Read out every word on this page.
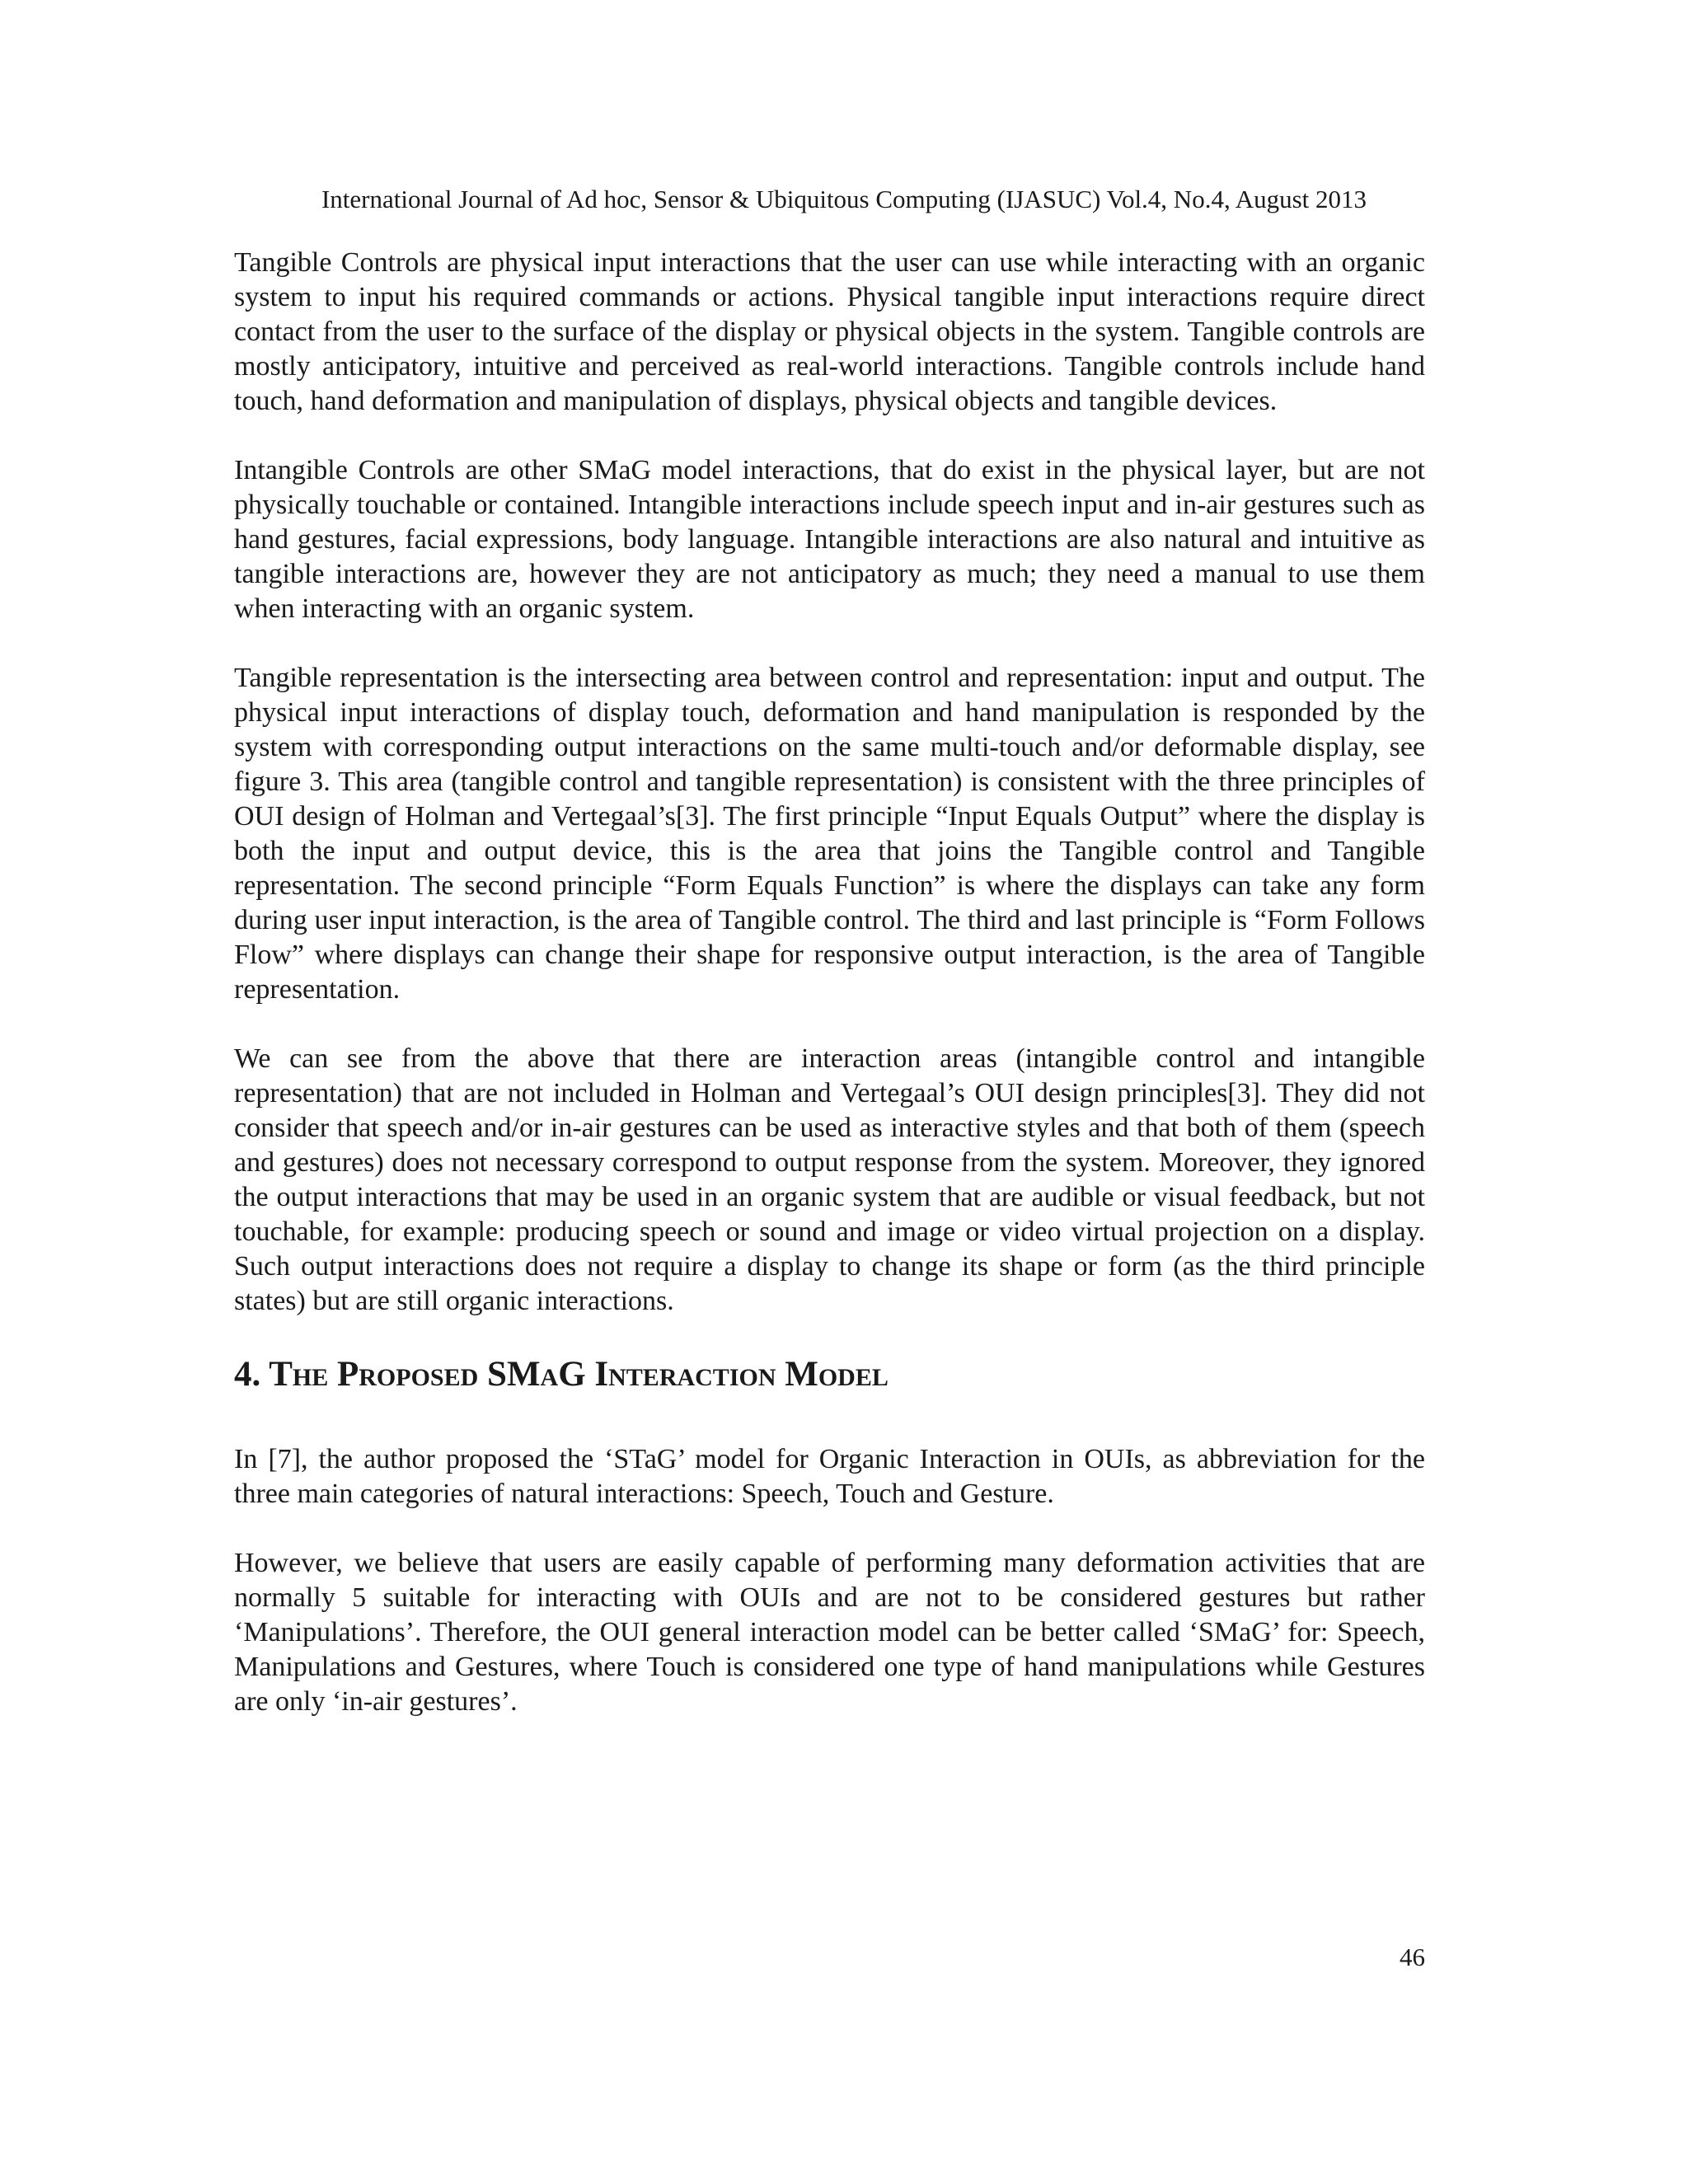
International Journal of Ad hoc, Sensor & Ubiquitous Computing (IJASUC) Vol.4, No.4, August 2013

Tangible Controls are physical input interactions that the user can use while interacting with an organic system to input his required commands or actions. Physical tangible input interactions require direct contact from the user to the surface of the display or physical objects in the system. Tangible controls are mostly anticipatory, intuitive and perceived as real-world interactions. Tangible controls include hand touch, hand deformation and manipulation of displays, physical objects and tangible devices.

Intangible Controls are other SMaG model interactions, that do exist in the physical layer, but are not physically touchable or contained. Intangible interactions include speech input and in-air gestures such as hand gestures, facial expressions, body language. Intangible interactions are also natural and intuitive as tangible interactions are, however they are not anticipatory as much; they need a manual to use them when interacting with an organic system.

Tangible representation is the intersecting area between control and representation: input and output. The physical input interactions of display touch, deformation and hand manipulation is responded by the system with corresponding output interactions on the same multi-touch and/or deformable display, see figure 3. This area (tangible control and tangible representation) is consistent with the three principles of OUI design of Holman and Vertegaal’s[3]. The first principle “Input Equals Output” where the display is both the input and output device, this is the area that joins the Tangible control and Tangible representation. The second principle “Form Equals Function” is where the displays can take any form during user input interaction, is the area of Tangible control. The third and last principle is “Form Follows Flow” where displays can change their shape for responsive output interaction, is the area of Tangible representation.

We can see from the above that there are interaction areas (intangible control and intangible representation) that are not included in Holman and Vertegaal’s OUI design principles[3]. They did not consider that speech and/or in-air gestures can be used as interactive styles and that both of them (speech and gestures) does not necessary correspond to output response from the system. Moreover, they ignored the output interactions that may be used in an organic system that are audible or visual feedback, but not touchable, for example: producing speech or sound and image or video virtual projection on a display. Such output interactions does not require a display to change its shape or form (as the third principle states) but are still organic interactions.

4. The Proposed SMaG Interaction Model

In [7], the author proposed the ‘STaG’ model for Organic Interaction in OUIs, as abbreviation for the three main categories of natural interactions: Speech, Touch and Gesture.

However, we believe that users are easily capable of performing many deformation activities that are normally 5 suitable for interacting with OUIs and are not to be considered gestures but rather ‘Manipulations’. Therefore, the OUI general interaction model can be better called ‘SMaG’ for: Speech, Manipulations and Gestures, where Touch is considered one type of hand manipulations while Gestures are only ‘in-air gestures’.

46
